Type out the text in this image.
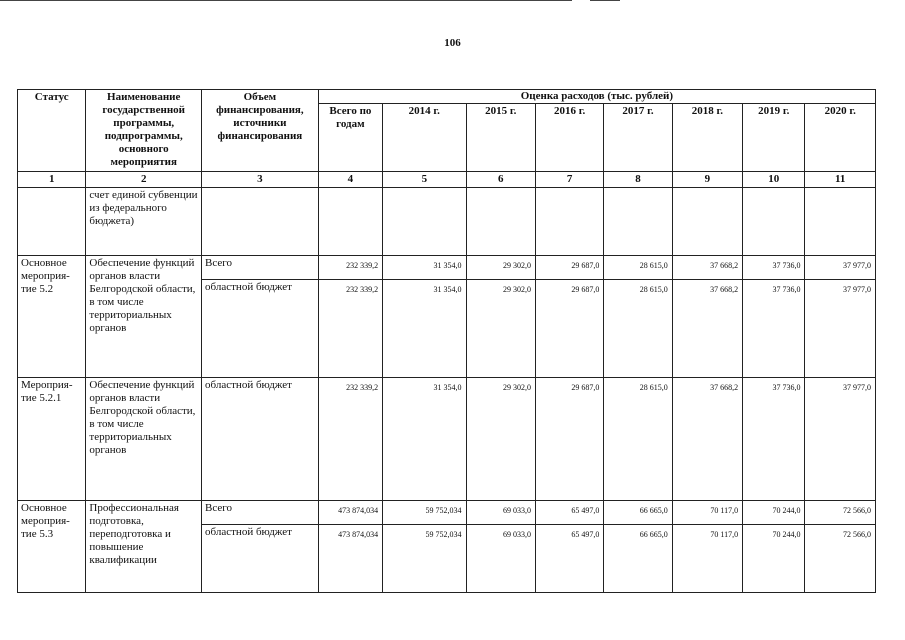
106
Статус	Наименование государственной программы, подпрограммы, основного мероприятия	Объем финансирования, источники финансирования	Оценка расходов (тыс. рублей)							
			Всего по годам	2014 г.	2015 г.	2016 г.	2017 г.	2018 г.	2019 г.	2020 г.
1	2	3	4	5	6	7	8	9	10	11
	счет единой субвенции из федерального бюджета)									
Основное мероприя- тие 5.2	Обеспечение функций органов власти Белгородской области, в том числе территориальных органов	Всего	232 339,2	31 354,0	29 302,0	29 687,0	28 615,0	37 668,2	37 736,0	37 977,0
		областной бюджет	232 339,2	31 354,0	29 302,0	29 687,0	28 615,0	37 668,2	37 736,0	37 977,0
Мероприя- тие 5.2.1	Обеспечение функций органов власти Белгородской области, в том числе территориальных органов	областной бюджет	232 339,2	31 354,0	29 302,0	29 687,0	28 615,0	37 668,2	37 736,0	37 977,0
Основное мероприя- тие 5.3	Профессиональная подготовка, переподготовка и повышение квалификации	Всего	473 874,034	59 752,034	69 033,0	65 497,0	66 665,0	70 117,0	70 244,0	72 566,0
		областной бюджет	473 874,034	59 752,034	69 033,0	65 497,0	66 665,0	70 117,0	70 244,0	72 566,0
